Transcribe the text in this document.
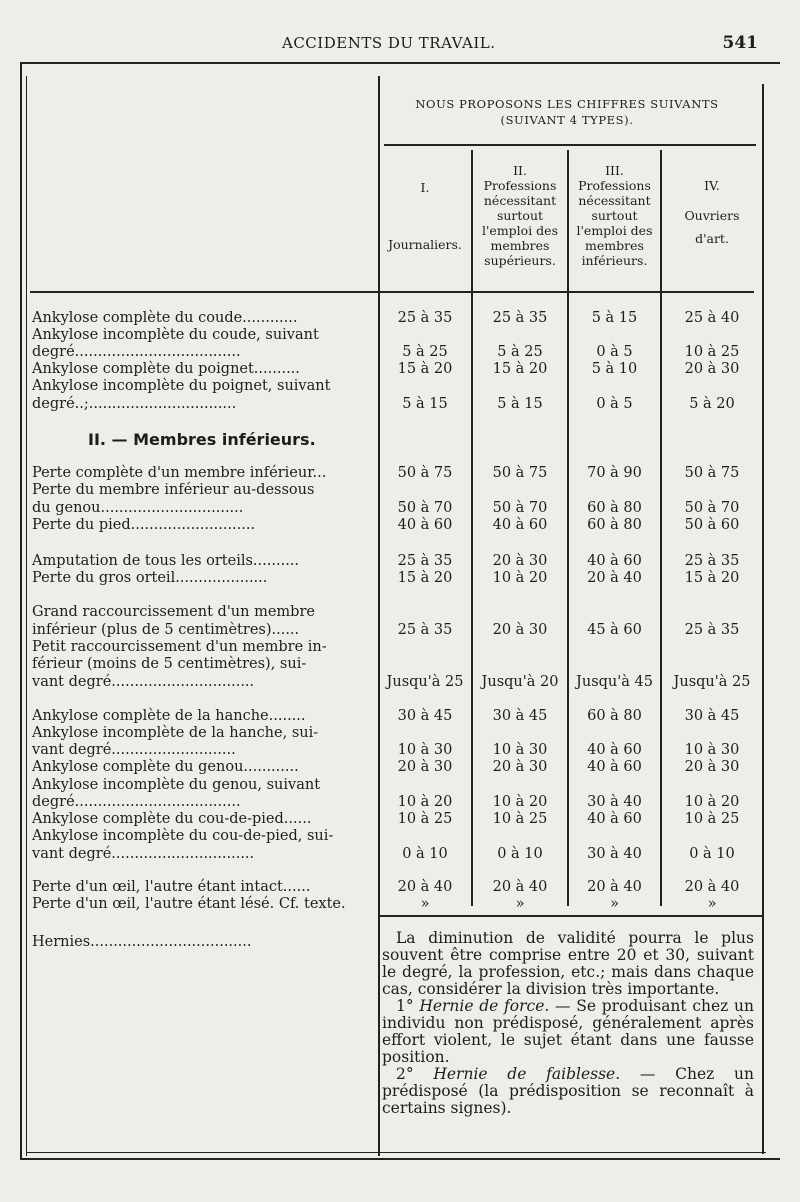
ACCIDENTS DU TRAVAIL.	541
NOUS PROPOSONS LES CHIFFRES SUIVANTS
(SUIVANT 4 TYPES).
I.
Journaliers.
II.
Professions
nécessitant
surtout
l'emploi des
membres
supérieurs.
III.
Professions
nécessitant
surtout
l'emploi des
membres
inférieurs.
IV.
Ouvriers
d'art.
Ankylose complète du coude............	25 à 35	25 à 35	5 à 15	25 à 40
Ankylose incomplète du coude, suivant
degré....................................	5 à 25	5 à 25	0 à 5	10 à 25
Ankylose complète du poignet..........	15 à 20	15 à 20	5 à 10	20 à 30
Ankylose incomplète du poignet, suivant
degré..;................................	5 à 15	5 à 15	0 à 5	5 à 20
II. — Membres inférieurs.
Perte complète d'un membre inférieur...	50 à 75	50 à 75	70 à 90	50 à 75
Perte du membre inférieur au-dessous
du genou...............................	50 à 70	50 à 70	60 à 80	50 à 70
Perte du pied...........................	40 à 60	40 à 60	60 à 80	50 à 60
Amputation de tous les orteils..........	25 à 35	20 à 30	40 à 60	25 à 35
Perte du gros orteil....................	15 à 20	10 à 20	20 à 40	15 à 20
Grand raccourcissement d'un membre
inférieur (plus de 5 centimètres)......	25 à 35	20 à 30	45 à 60	25 à 35
Petit raccourcissement d'un membre in-
férieur (moins de 5 centimètres), sui-
vant degré...............................	Jusqu'à 25	Jusqu'à 20	Jusqu'à 45	Jusqu'à 25
Ankylose complète de la hanche........	30 à 45	30 à 45	60 à 80	30 à 45
Ankylose incomplète de la hanche, sui-
vant degré...........................	10 à 30	10 à 30	40 à 60	10 à 30
Ankylose complète du genou............	20 à 30	20 à 30	40 à 60	20 à 30
Ankylose incomplète du genou, suivant
degré....................................	10 à 20	10 à 20	30 à 40	10 à 20
Ankylose complète du cou-de-pied......	10 à 25	10 à 25	40 à 60	10 à 25
Ankylose incomplète du cou-de-pied, sui-
vant degré...............................	0 à 10	0 à 10	30 à 40	0 à 10
Perte d'un œil, l'autre étant intact......	20 à 40	20 à 40	20 à 40	20 à 40
Perte d'un œil, l'autre étant lésé. Cf. texte.	»	»	»	»
Hernies...................................	La diminution de validité pourra le plus souvent être comprise entre 20 et 30, suivant le degré, la profession, etc.; mais dans chaque cas, considérer la division très importante.

1° Hernie de force. — Se produisant chez un individu non prédisposé, généralement après effort violent, le sujet étant dans une fausse position.

2° Hernie de faiblesse. — Chez un prédisposé (la prédisposition se reconnaît à certains signes).
